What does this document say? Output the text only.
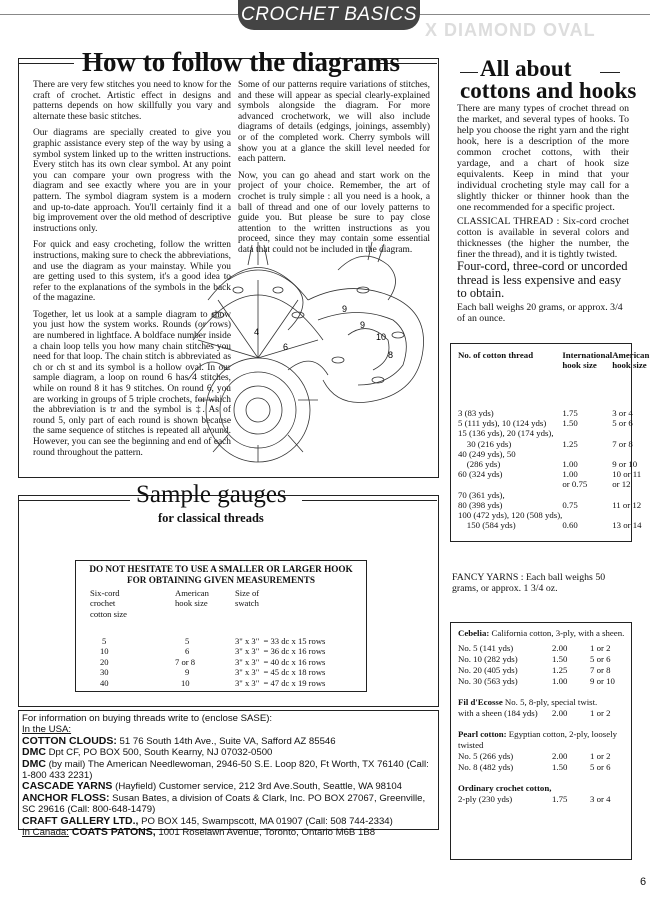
X DIAMOND OVAL
CROCHET BASICS
How to follow the diagrams

There are very few stitches you need to know for the craft of crochet. Artistic effect in designs and patterns depends on how skillfully you vary and alternate these basic stitches.

Our diagrams are specially created to give you graphic assistance every step of the way by using a symbol system linked up to the written instructions. Every stitch has its own clear symbol. At any point you can compare your own progress with the diagram and see exactly where you are in your pattern. The symbol diagram system is a modern and up-to-date approach. You'll certainly find it a big improvement over the old method of descriptive instructions only.

For quick and easy crocheting, follow the written instructions, making sure to check the abbreviations, and use the diagram as your mainstay. While you are getting used to this system, it's a good idea to refer to the explanations of the symbols in the back of the magazine.

Together, let us look at a sample diagram to show you just how the system works. Rounds (or rows) are numbered in lightface. A boldface number inside a chain loop tells you how many chain stitches you need for that loop. The chain stitch is abbreviated as ch or ch st and its symbol is a hollow oval. In our sample diagram, a loop on round 6 has 4 stitches, while on round 8 it has 9 stitches. On round 6, you are working in groups of 5 triple crochets, for which the abbreviation is tr and the symbol is ‡. As of round 5, only part of each round is shown because the same sequence of stitches is repeated all around. However, you can see the beginning and end of each round throughout the pattern.

Some of our patterns require variations of stitches, and these will appear as special clearly-explained symbols alongside the diagram. For more advanced crochetwork, we will also include diagrams of details (edgings, joinings, assembly) or of the completed work. Cherry symbols will show you at a glance the skill level needed for each pattern.

Now, you can go ahead and start work on the project of your choice. Remember, the art of crochet is truly simple : all you need is a hook, a ball of thread and one of our lovely patterns to guide you. But please be sure to pay close attention to the written instructions as you proceed, since they may contain some essential data that could not be included in the diagram.

10
9
8
9
4
6
All about
cottons and hooks

There are many types of crochet thread on the market, and several types of hooks. To help you choose the right yarn and the right hook, here is a description of the more common crochet cottons, with their yardage, and a chart of hook size equivalents. Keep in mind that your individual crocheting style may call for a slightly thicker or thinner hook than the one recommended for a specific project.

CLASSICAL THREAD : Six-cord crochet cotton is available in several colors and thicknesses (the higher the number, the finer the thread), and it is tightly twisted.

Four-cord, three-cord or uncorded thread is less expensive and easy to obtain.

Each ball weighs 20 grams, or approx. 3/4 of an ounce.

No. of cotton thread	International hook size	American hook size
3 (83 yds)	1.75	3 or 4
5 (111 yds), 10 (124 yds)	1.50	5 or 6
15 (136 yds), 20 (174 yds),		
30 (216 yds)	1.25	7 or 8
40 (249 yds), 50		
(286 yds)	1.00	9 or 10
60 (324 yds)	1.00	10 or 11
	or 0.75	or 12
70 (361 yds),		
80 (398 yds)	0.75	11 or 12
100 (472 yds), 120 (508 yds),		
150 (584 yds)	0.60	13 or 14
FANCY YARNS : Each ball weighs 50 grams, or approx. 1 3/4 oz.
Cebelia: California cotton, 3-ply, with a sheen.
No. 5 (141 yds)	2.00	1 or 2
No. 10 (282 yds)	1.50	5 or 6
No. 20 (405 yds)	1.25	7 or 8
No. 30 (563 yds)	1.00	9 or 10
Fil d'Ecosse No. 5, 8-ply, special twist.
with a sheen (184 yds)	2.00	1 or 2
Pearl cotton: Egyptian cotton, 2-ply, loosely twisted
No. 5 (266 yds)	2.00	1 or 2
No. 8 (482 yds)	1.50	5 or 6
Ordinary crochet cotton,
2-ply (230 yds)	1.75	3 or 4
Sample gauges
for classical threads
DO NOT HESITATE TO USE A SMALLER OR LARGER HOOK
FOR OBTAINING GIVEN MEASUREMENTS
Six-cord crochet cotton size	American hook size	Size of swatch

5	5	3" x 3"  = 33 dc x 15 rows
10	6	3" x 3"  = 36 dc x 16 rows
20	7 or 8	3" x 3"  = 40 dc x 16 rows
30	9	3" x 3"  = 45 dc x 18 rows
40	10	3" x 3"  = 47 dc x 19 rows
For information on buying threads write to (enclose SASE):
In the USA:
COTTON CLOUDS: 51 76 South 14th Ave., Suite VA, Safford AZ 85546
DMC Dpt CF, PO BOX 500, South Kearny, NJ 07032-0500
DMC (by mail) The American Needlewoman, 2946-50 S.E. Loop 820, Ft Worth, TX 76140 (Call: 1-800 433 2231)
CASCADE YARNS (Hayfield) Customer service, 212 3rd Ave.South, Seattle, WA 98104
ANCHOR FLOSS: Susan Bates, a division of Coats & Clark, Inc. PO BOX 27067, Greenville, SC 29616 (Call: 800-648-1479)
CRAFT GALLERY LTD., PO BOX 145, Swampscott, MA 01907 (Call: 508 744-2334)
In Canada: COATS PATONS, 1001 Roselawn Avenue, Toronto, Ontario M6B 1B8
6
